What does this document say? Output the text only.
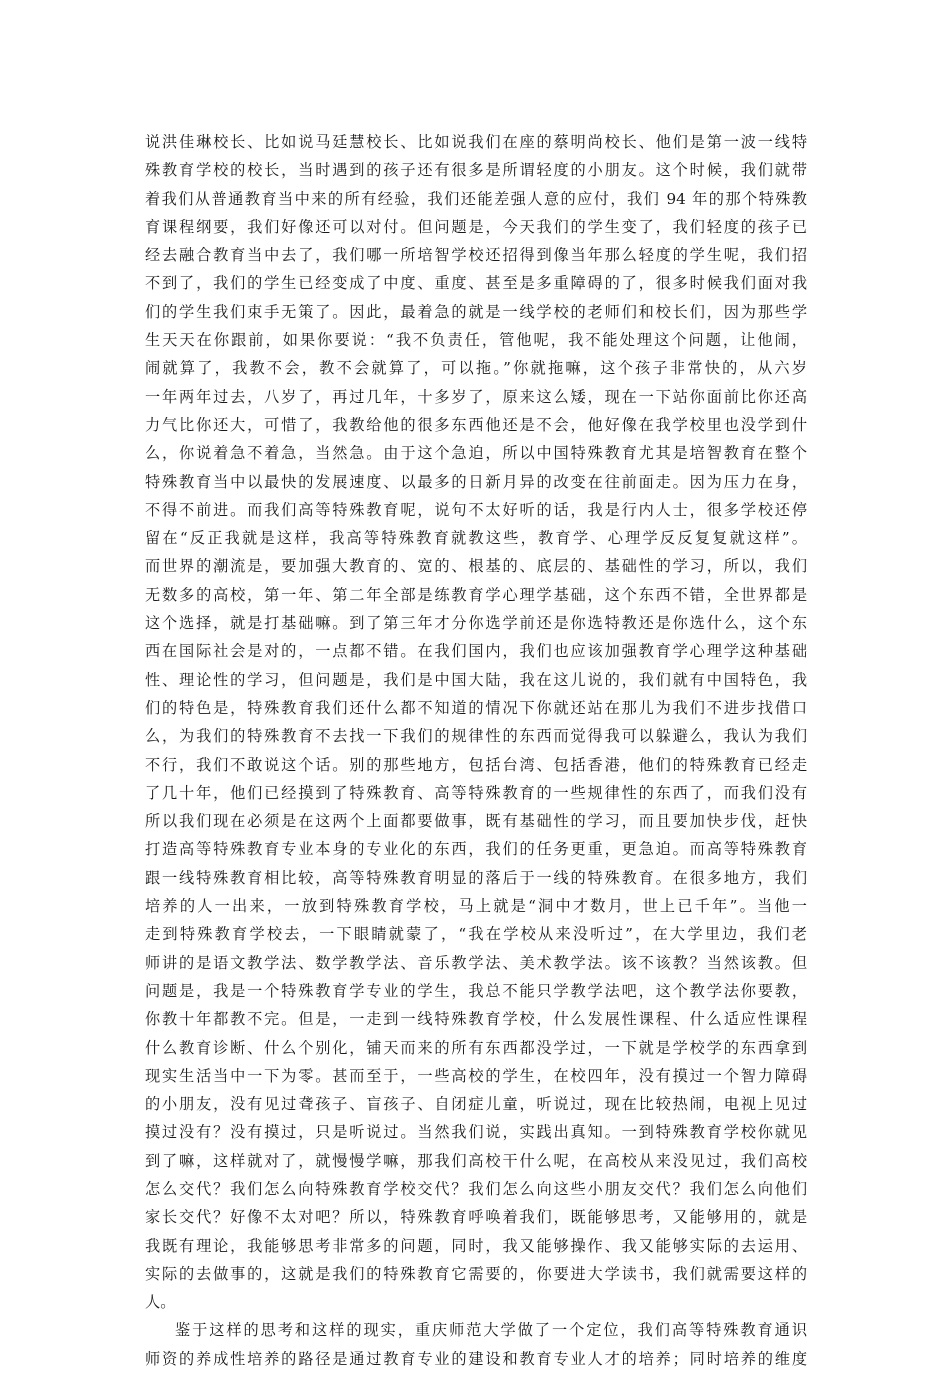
说洪佳琳校长、比如说马廷慧校长、比如说我们在座的蔡明尚校长、他们是第一波一线特
殊教育学校的校长，当时遇到的孩子还有很多是所谓轻度的小朋友。这个时候，我们就带
着我们从普通教育当中来的所有经验，我们还能差强人意的应付，我们 94 年的那个特殊教
育课程纲要，我们好像还可以对付。但问题是，今天我们的学生变了，我们轻度的孩子已
经去融合教育当中去了，我们哪一所培智学校还招得到像当年那么轻度的学生呢，我们招
不到了，我们的学生已经变成了中度、重度、甚至是多重障碍的了，很多时候我们面对我
们的学生我们束手无策了。因此，最着急的就是一线学校的老师们和校长们，因为那些学
生天天在你跟前，如果你要说：“我不负责任，管他呢，我不能处理这个问题，让他闹，
闹就算了，我教不会，教不会就算了，可以拖。”你就拖嘛，这个孩子非常快的，从六岁
一年两年过去，八岁了，再过几年，十多岁了，原来这么矮，现在一下站你面前比你还高
力气比你还大，可惜了，我教给他的很多东西他还是不会，他好像在我学校里也没学到什
么，你说着急不着急，当然急。由于这个急迫，所以中国特殊教育尤其是培智教育在整个
特殊教育当中以最快的发展速度、以最多的日新月异的改变在往前面走。因为压力在身，
不得不前进。而我们高等特殊教育呢，说句不太好听的话，我是行内人士，很多学校还停
留在“反正我就是这样，我高等特殊教育就教这些，教育学、心理学反反复复就这样”。
而世界的潮流是，要加强大教育的、宽的、根基的、底层的、基础性的学习，所以，我们
无数多的高校，第一年、第二年全部是练教育学心理学基础，这个东西不错，全世界都是
这个选择，就是打基础嘛。到了第三年才分你选学前还是你选特教还是你选什么，这个东
西在国际社会是对的，一点都不错。在我们国内，我们也应该加强教育学心理学这种基础
性、理论性的学习，但问题是，我们是中国大陆，我在这儿说的，我们就有中国特色，我
们的特色是，特殊教育我们还什么都不知道的情况下你就还站在那儿为我们不进步找借口
么，为我们的特殊教育不去找一下我们的规律性的东西而觉得我可以躲避么，我认为我们
不行，我们不敢说这个话。别的那些地方，包括台湾、包括香港，他们的特殊教育已经走
了几十年，他们已经摸到了特殊教育、高等特殊教育的一些规律性的东西了，而我们没有
所以我们现在必须是在这两个上面都要做事，既有基础性的学习，而且要加快步伐，赶快
打造高等特殊教育专业本身的专业化的东西，我们的任务更重，更急迫。而高等特殊教育
跟一线特殊教育相比较，高等特殊教育明显的落后于一线的特殊教育。在很多地方，我们
培养的人一出来，一放到特殊教育学校，马上就是“洞中才数月，世上已千年”。当他一
走到特殊教育学校去，一下眼睛就蒙了，“我在学校从来没听过”，在大学里边，我们老
师讲的是语文教学法、数学教学法、音乐教学法、美术教学法。该不该教？当然该教。但
问题是，我是一个特殊教育学专业的学生，我总不能只学教学法吧，这个教学法你要教，
你教十年都教不完。但是，一走到一线特殊教育学校，什么发展性课程、什么适应性课程
什么教育诊断、什么个别化，铺天而来的所有东西都没学过，一下就是学校学的东西拿到
现实生活当中一下为零。甚而至于，一些高校的学生，在校四年，没有摸过一个智力障碍
的小朋友，没有见过聋孩子、盲孩子、自闭症儿童，听说过，现在比较热闹，电视上见过
摸过没有？没有摸过，只是听说过。当然我们说，实践出真知。一到特殊教育学校你就见
到了嘛，这样就对了，就慢慢学嘛，那我们高校干什么呢，在高校从来没见过，我们高校
怎么交代？我们怎么向特殊教育学校交代？我们怎么向这些小朋友交代？我们怎么向他们
家长交代？好像不太对吧？所以，特殊教育呼唤着我们，既能够思考，又能够用的，就是
我既有理论，我能够思考非常多的问题，同时，我又能够操作、我又能够实际的去运用、
实际的去做事的，这就是我们的特殊教育它需要的，你要进大学读书，我们就需要这样的
人。
鉴于这样的思考和这样的现实，重庆师范大学做了一个定位，我们高等特殊教育通识
师资的养成性培养的路径是通过教育专业的建设和教育专业人才的培养；同时培养的维度
